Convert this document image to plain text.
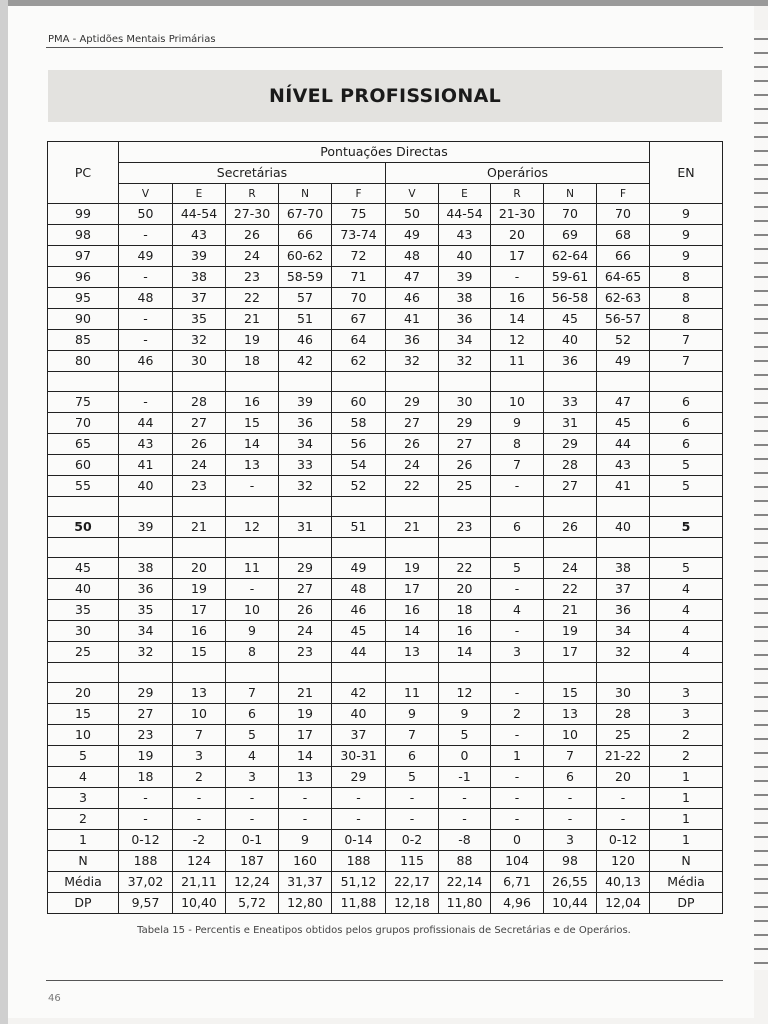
PMA - Aptidões Mentais Primárias
NÍVEL PROFISSIONAL
PC	Pontuações Directas										EN
	Secretárias					Operários					
	V	E	R	N	F	V	E	R	N	F	
99	50	44-54	27-30	67-70	75	50	44-54	21-30	70	70	9
98	-	43	26	66	73-74	49	43	20	69	68	9
97	49	39	24	60-62	72	48	40	17	62-64	66	9
96	-	38	23	58-59	71	47	39	-	59-61	64-65	8
95	48	37	22	57	70	46	38	16	56-58	62-63	8
90	-	35	21	51	67	41	36	14	45	56-57	8
85	-	32	19	46	64	36	34	12	40	52	7
80	46	30	18	42	62	32	32	11	36	49	7

75	-	28	16	39	60	29	30	10	33	47	6
70	44	27	15	36	58	27	29	9	31	45	6
65	43	26	14	34	56	26	27	8	29	44	6
60	41	24	13	33	54	24	26	7	28	43	5
55	40	23	-	32	52	22	25	-	27	41	5

50	39	21	12	31	51	21	23	6	26	40	5

45	38	20	11	29	49	19	22	5	24	38	5
40	36	19	-	27	48	17	20	-	22	37	4
35	35	17	10	26	46	16	18	4	21	36	4
30	34	16	9	24	45	14	16	-	19	34	4
25	32	15	8	23	44	13	14	3	17	32	4

20	29	13	7	21	42	11	12	-	15	30	3
15	27	10	6	19	40	9	9	2	13	28	3
10	23	7	5	17	37	7	5	-	10	25	2
5	19	3	4	14	30-31	6	0	1	7	21-22	2
4	18	2	3	13	29	5	-1	-	6	20	1
3	-	-	-	-	-	-	-	-	-	-	1
2	-	-	-	-	-	-	-	-	-	-	1
1	0-12	-2	0-1	9	0-14	0-2	-8	0	3	0-12	1
N	188	124	187	160	188	115	88	104	98	120	N
Média	37,02	21,11	12,24	31,37	51,12	22,17	22,14	6,71	26,55	40,13	Média
DP	9,57	10,40	5,72	12,80	11,88	12,18	11,80	4,96	10,44	12,04	DP
Tabela 15 - Percentis e Eneatipos obtidos pelos grupos profissionais de Secretárias e de Operários.
46
